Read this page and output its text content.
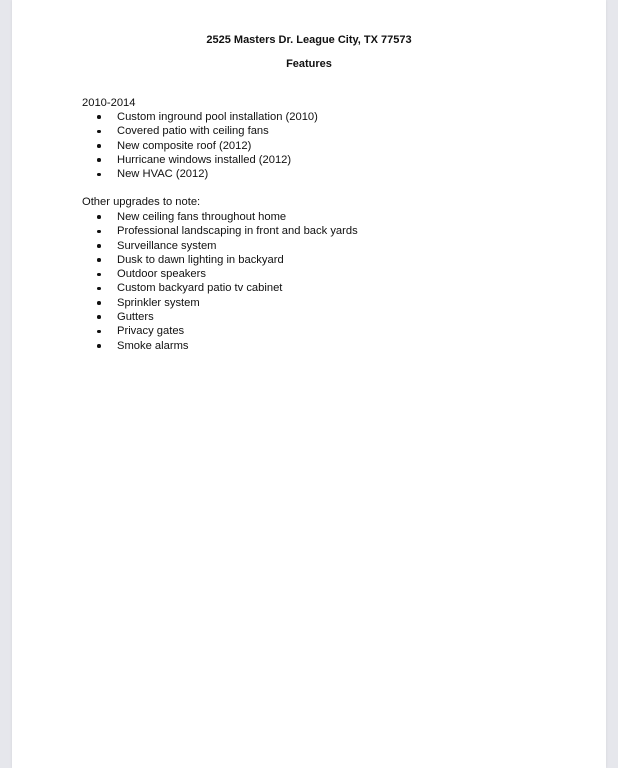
2525 Masters Dr. League City, TX 77573
Features
2010-2014
Custom inground pool installation (2010)
Covered patio with ceiling fans
New composite roof (2012)
Hurricane windows installed (2012)
New HVAC (2012)
Other upgrades to note:
New ceiling fans throughout home
Professional landscaping in front and back yards
Surveillance system
Dusk to dawn lighting in backyard
Outdoor speakers
Custom backyard patio tv cabinet
Sprinkler system
Gutters
Privacy gates
Smoke alarms
